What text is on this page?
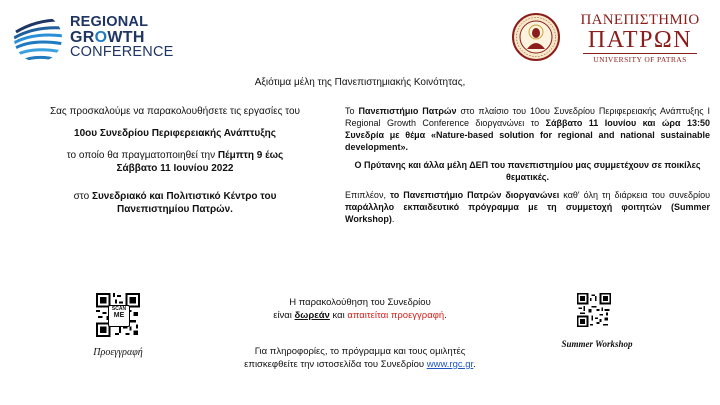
REGIONAL
GROWTH
CONFERENCE
ΠΑΝΕΠΙΣΤΗΜΙΟ
ΠΑΤΡΩΝ
UNIVERSITY OF PATRAS
Αξιότιμα μέλη της Πανεπιστημιακής Κοινότητας,

Σας προσκαλούμε να παρακολουθήσετε τις εργασίες του

10ου Συνεδρίου Περιφερειακής Ανάπτυξης

το οποίο θα πραγματοποιηθεί την Πέμπτη 9 έως

Σάββατο 11 Ιουνίου 2022

στο Συνεδριακό και Πολιτιστικό Κέντρο του

Πανεπιστημίου Πατρών.

Το Πανεπιστήμιο Πατρών στο πλαίσιο του 10ου Συνεδρίου Περιφερειακής Ανάπτυξης I Regional Growth Conference διοργανώνει το Σάββατο 11 Ιουνίου και ώρα 13:50 Συνεδρία με θέμα «Nature-based solution for regional and national sustainable development».

Ο Πρύτανης και άλλα μέλη ΔΕΠ του πανεπιστημίου μας συμμετέχουν σε ποικίλες θεματικές.

Επιπλέον, το Πανεπιστήμιο Πατρών διοργανώνει καθ' όλη τη διάρκεια του συνεδρίου παράλληλο εκπαιδευτικό πρόγραμμα με τη συμμετοχή φοιτητών (Summer Workshop).

SCAN
ME
Προεγγραφή
Summer Workshop

Η παρακολούθηση του Συνεδρίου

είναι δωρεάν και απαιτείται προεγγραφή.

Για πληροφορίες, το πρόγραμμα και τους ομιλητές

επισκεφθείτε την ιστοσελίδα του Συνεδρίου www.rgc.gr.
